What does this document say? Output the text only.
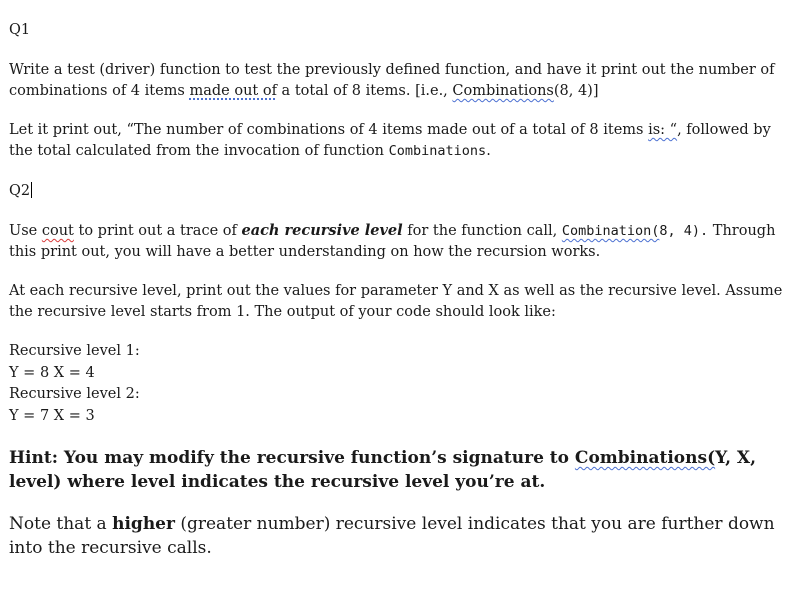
Q1

Write a test (driver) function to test the previously defined function, and have it print out the number of combinations of 4 items made out of a total of 8 items. [i.e., Combinations(8, 4)]

Let it print out, “The number of combinations of 4 items made out of a total of 8 items is: “, followed by the total calculated from the invocation of function Combinations.

Q2

Use cout to print out a trace of each recursive level for the function call, Combination(8, 4). Through this print out, you will have a better understanding on how the recursion works.

At each recursive level, print out the values for parameter Y and X as well as the recursive level. Assume the recursive level starts from 1. The output of your code should look like:

Recursive level 1:
Y = 8 X = 4
Recursive level 2:
Y = 7 X = 3

Hint: You may modify the recursive function’s signature to Combinations(Y, X, level) where level indicates the recursive level you’re at.

Note that a higher (greater number) recursive level indicates that you are further down into the recursive calls.
